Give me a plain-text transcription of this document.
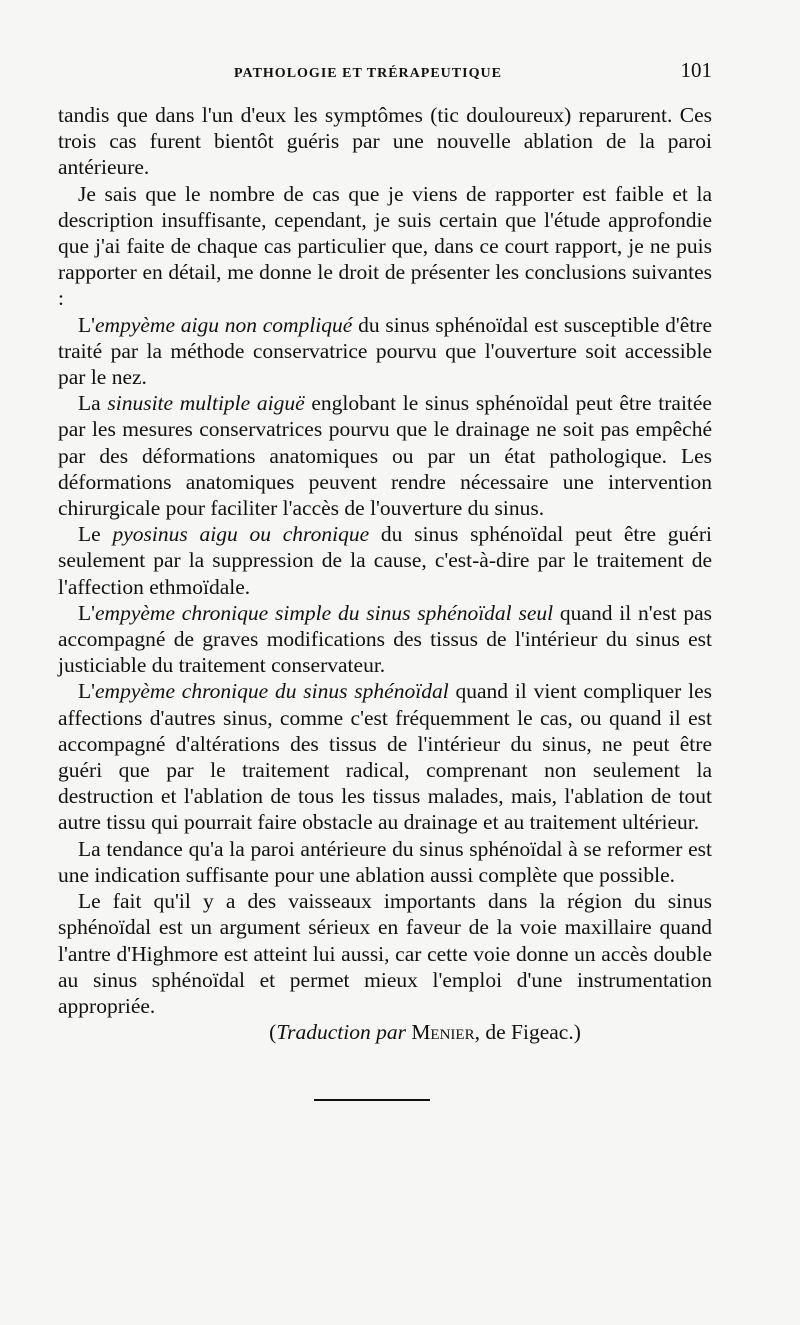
PATHOLOGIE ET TRÉRAPEUTIQUE	101

tandis que dans l'un d'eux les symptômes (tic douloureux) reparurent. Ces trois cas furent bientôt guéris par une nouvelle ablation de la paroi antérieure.

Je sais que le nombre de cas que je viens de rapporter est faible et la description insuffisante, cependant, je suis certain que l'étude approfondie que j'ai faite de chaque cas particulier que, dans ce court rapport, je ne puis rapporter en détail, me donne le droit de présenter les conclusions suivantes :

L'empyème aigu non compliqué du sinus sphénoïdal est susceptible d'être traité par la méthode conservatrice pourvu que l'ouverture soit accessible par le nez.

La sinusite multiple aiguë englobant le sinus sphénoïdal peut être traitée par les mesures conservatrices pourvu que le drainage ne soit pas empêché par des déformations anatomiques ou par un état pathologique. Les déformations anatomiques peuvent rendre nécessaire une intervention chirurgicale pour faciliter l'accès de l'ouverture du sinus.

Le pyosinus aigu ou chronique du sinus sphénoïdal peut être guéri seulement par la suppression de la cause, c'est-à-dire par le traitement de l'affection ethmoïdale.

L'empyème chronique simple du sinus sphénoïdal seul quand il n'est pas accompagné de graves modifications des tissus de l'intérieur du sinus est justiciable du traitement conservateur.

L'empyème chronique du sinus sphénoïdal quand il vient compliquer les affections d'autres sinus, comme c'est fréquemment le cas, ou quand il est accompagné d'altérations des tissus de l'intérieur du sinus, ne peut être guéri que par le traitement radical, comprenant non seulement la destruction et l'ablation de tous les tissus malades, mais, l'ablation de tout autre tissu qui pourrait faire obstacle au drainage et au traitement ultérieur.

La tendance qu'a la paroi antérieure du sinus sphénoïdal à se reformer est une indication suffisante pour une ablation aussi complète que possible.

Le fait qu'il y a des vaisseaux importants dans la région du sinus sphénoïdal est un argument sérieux en faveur de la voie maxillaire quand l'antre d'Highmore est atteint lui aussi, car cette voie donne un accès double au sinus sphénoïdal et permet mieux l'emploi d'une instrumentation appropriée.

(Traduction par Menier, de Figeac.)
